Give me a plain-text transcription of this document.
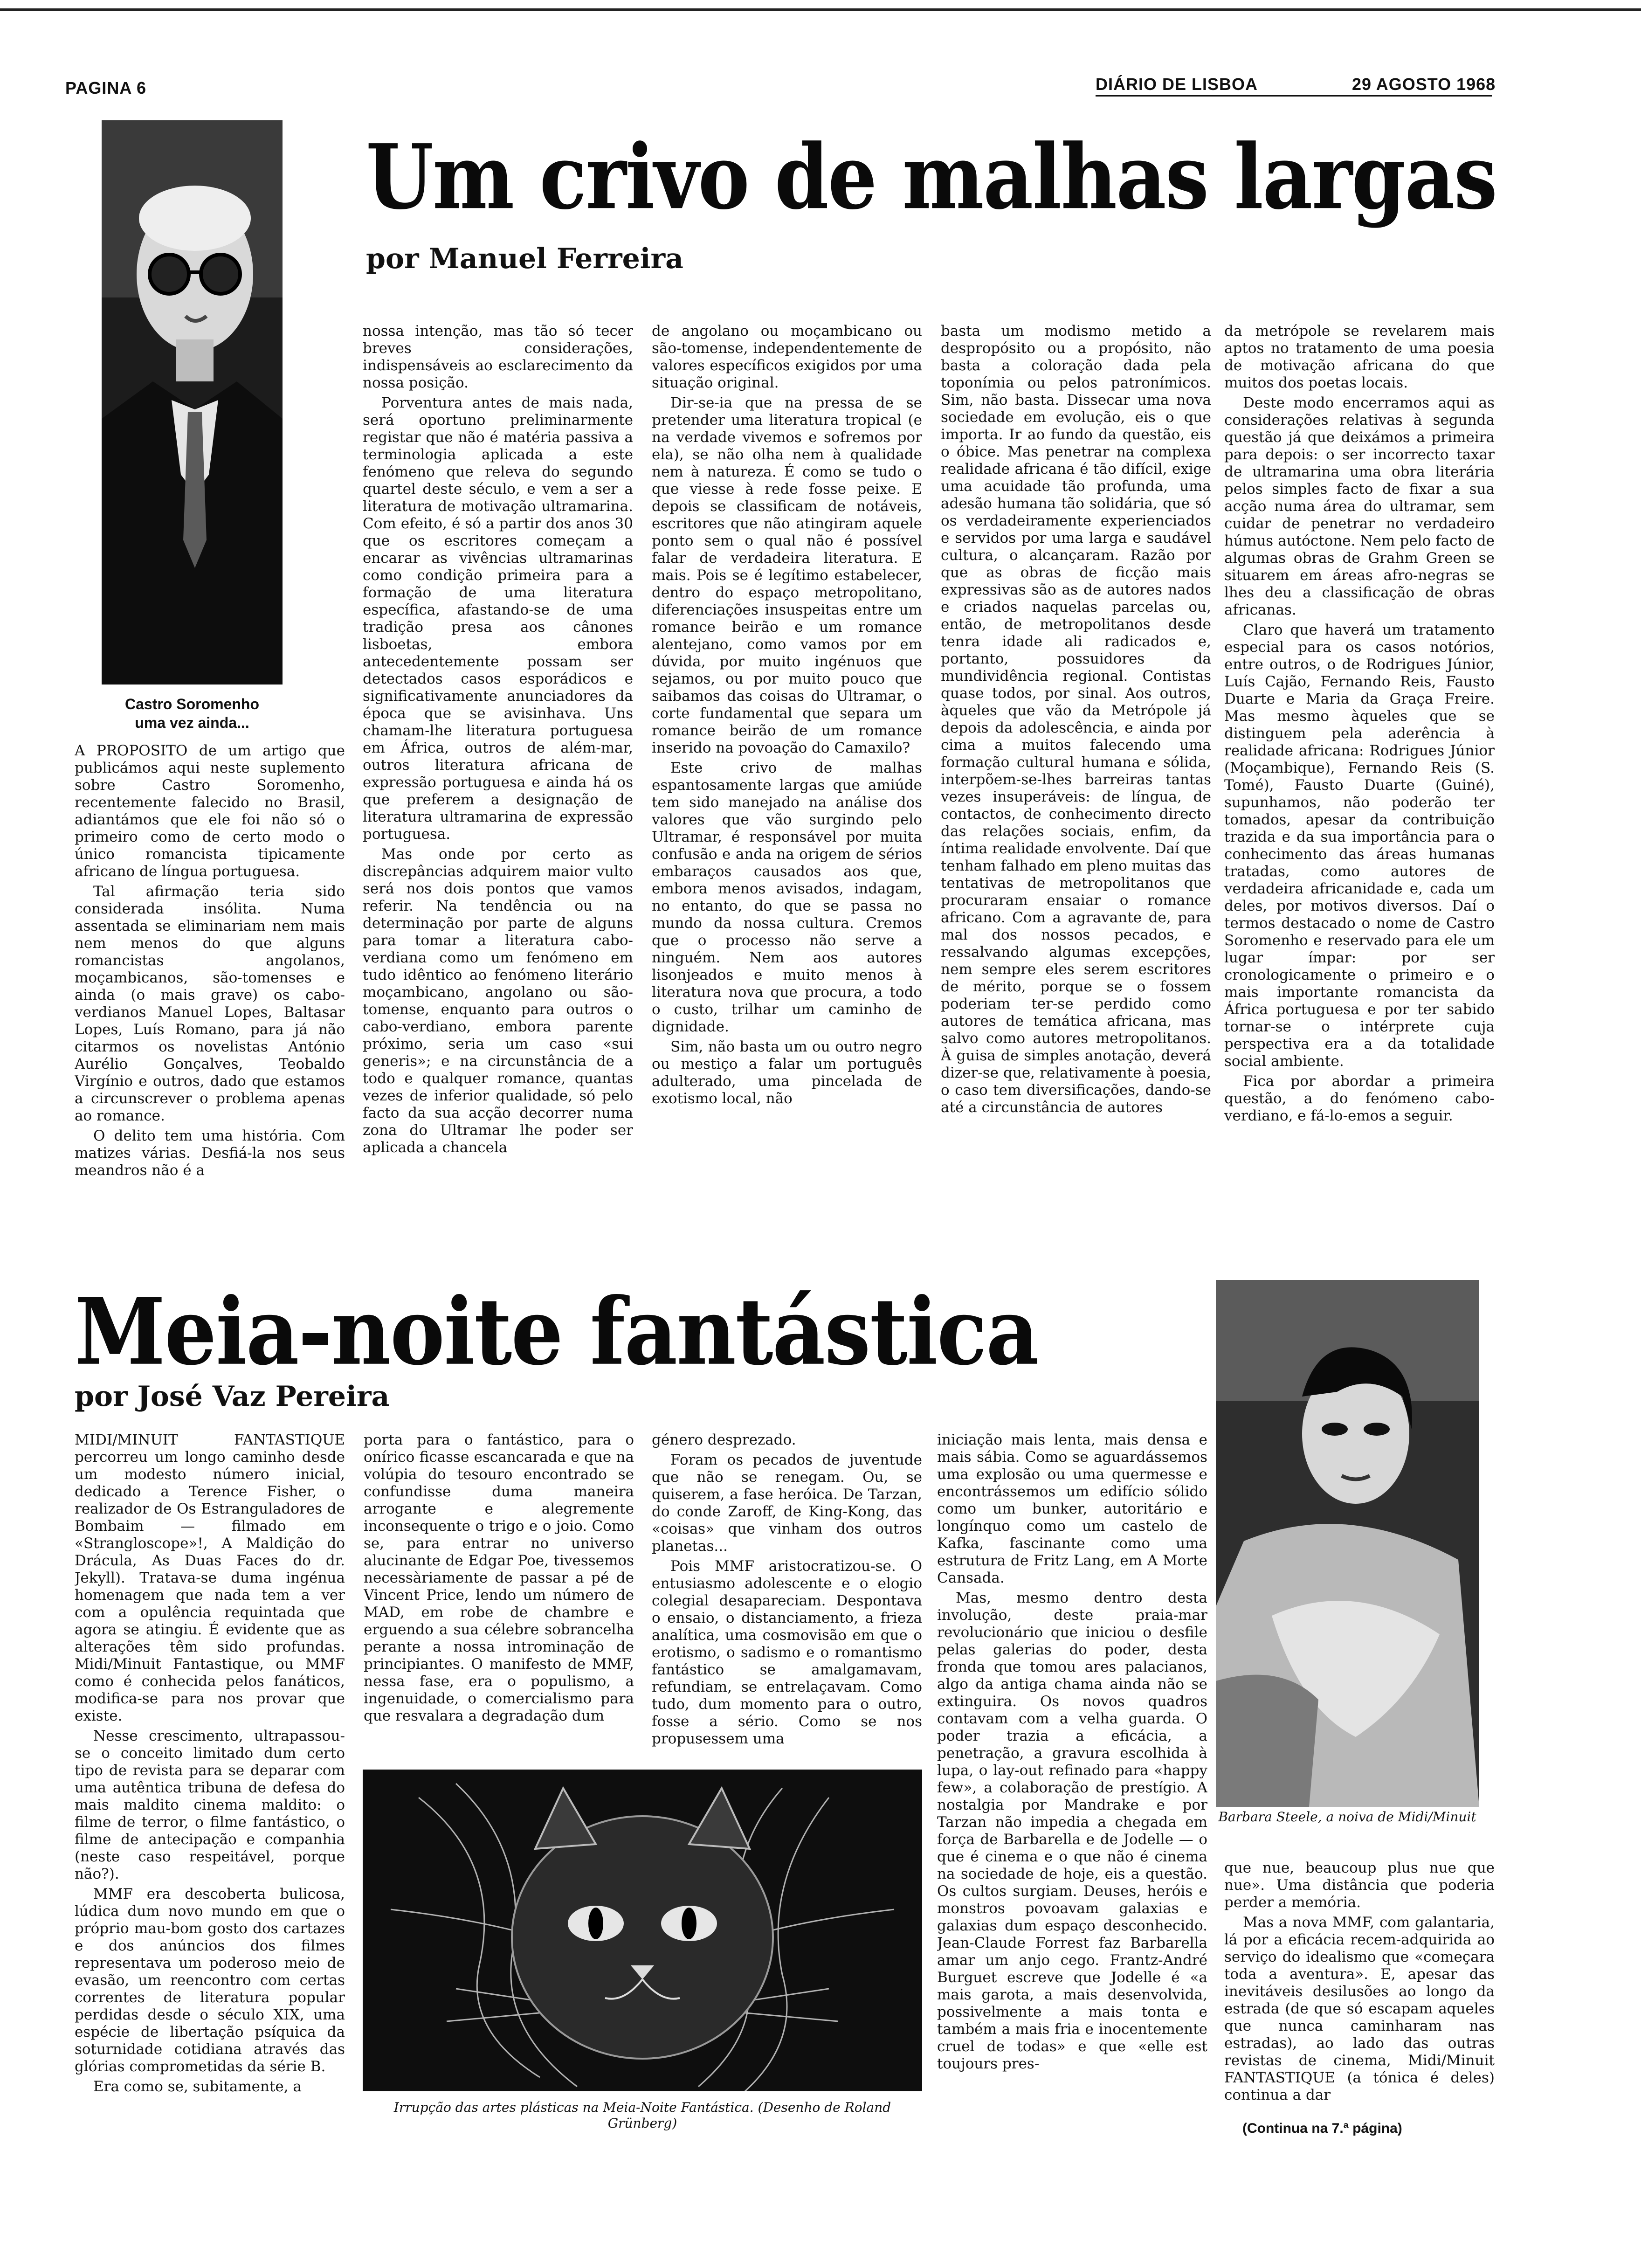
PAGINA 6	DIÁRIO DE LISBOA	29 AGOSTO 1968
Castro Soromenho
uma vez ainda...
Um crivo de malhas largas
por Manuel Ferreira

A PROPOSITO de um artigo que publicámos aqui neste suplemento sobre Castro Soromenho, recentemente falecido no Brasil, adiantámos que ele foi não só o primeiro como de certo modo o único romancista tipicamente africano de língua portuguesa.

Tal afirmação teria sido considerada insólita. Numa assentada se eliminariam nem mais nem menos do que alguns romancistas angolanos, moçambicanos, são-tomenses e ainda (o mais grave) os cabo-verdianos Manuel Lopes, Baltasar Lopes, Luís Romano, para já não citarmos os novelistas António Aurélio Gonçalves, Teobaldo Virgínio e outros, dado que estamos a circunscrever o problema apenas ao romance.

O delito tem uma história. Com matizes várias. Desfiá-la nos seus meandros não é a

nossa intenção, mas tão só tecer breves considerações, indispensáveis ao esclarecimento da nossa posição.

Porventura antes de mais nada, será oportuno preliminarmente registar que não é matéria passiva a terminologia aplicada a este fenómeno que releva do segundo quartel deste século, e vem a ser a literatura de motivação ultramarina. Com efeito, é só a partir dos anos 30 que os escritores começam a encarar as vivências ultramarinas como condição primeira para a formação de uma literatura específica, afastando-se de uma tradição presa aos cânones lisboetas, embora antecedentemente possam ser detectados casos esporádicos e significativamente anunciadores da época que se avisinhava. Uns chamam-lhe literatura portuguesa em África, outros de além-mar, outros literatura africana de expressão portuguesa e ainda há os que preferem a designação de literatura ultramarina de expressão portuguesa.

Mas onde por certo as discrepâncias adquirem maior vulto será nos dois pontos que vamos referir. Na tendência ou na determinação por parte de alguns para tomar a literatura cabo-verdiana como um fenómeno em tudo idêntico ao fenómeno literário moçambicano, angolano ou são-tomense, enquanto para outros o cabo-verdiano, embora parente próximo, seria um caso «sui generis»; e na circunstância de a todo e qualquer romance, quantas vezes de inferior qualidade, só pelo facto da sua acção decorrer numa zona do Ultramar lhe poder ser aplicada a chancela

de angolano ou moçambicano ou são-tomense, independentemente de valores específicos exigidos por uma situação original.

Dir-se-ia que na pressa de se pretender uma literatura tropical (e na verdade vivemos e sofremos por ela), se não olha nem à qualidade nem à natureza. É como se tudo o que viesse à rede fosse peixe. E depois se classificam de notáveis, escritores que não atingiram aquele ponto sem o qual não é possível falar de verdadeira literatura. E mais. Pois se é legítimo estabelecer, dentro do espaço metropolitano, diferenciações insuspeitas entre um romance beirão e um romance alentejano, como vamos por em dúvida, por muito ingénuos que sejamos, ou por muito pouco que saibamos das coisas do Ultramar, o corte fundamental que separa um romance beirão de um romance inserido na povoação do Camaxilo?

Este crivo de malhas espantosamente largas que amiúde tem sido manejado na análise dos valores que vão surgindo pelo Ultramar, é responsável por muita confusão e anda na origem de sérios embaraços causados aos que, embora menos avisados, indagam, no entanto, do que se passa no mundo da nossa cultura. Cremos que o processo não serve a ninguém. Nem aos autores lisonjeados e muito menos à literatura nova que procura, a todo o custo, trilhar um caminho de dignidade.

Sim, não basta um ou outro negro ou mestiço a falar um português adulterado, uma pincelada de exotismo local, não

basta um modismo metido a despropósito ou a propósito, não basta a coloração dada pela toponímia ou pelos patronímicos. Sim, não basta. Dissecar uma nova sociedade em evolução, eis o que importa. Ir ao fundo da questão, eis o óbice. Mas penetrar na complexa realidade africana é tão difícil, exige uma acuidade tão profunda, uma adesão humana tão solidária, que só os verdadeiramente experienciados e servidos por uma larga e saudável cultura, o alcançaram. Razão por que as obras de ficção mais expressivas são as de autores nados e criados naquelas parcelas ou, então, de metropolitanos desde tenra idade ali radicados e, portanto, possuidores da mundividência regional. Contistas quase todos, por sinal. Aos outros, àqueles que vão da Metrópole já depois da adolescência, e ainda por cima a muitos falecendo uma formação cultural humana e sólida, interpõem-se-lhes barreiras tantas vezes insuperáveis: de língua, de contactos, de conhecimento directo das relações sociais, enfim, da íntima realidade envolvente. Daí que tenham falhado em pleno muitas das tentativas de metropolitanos que procuraram ensaiar o romance africano. Com a agravante de, para mal dos nossos pecados, e ressalvando algumas excepções, nem sempre eles serem escritores de mérito, porque se o fossem poderiam ter-se perdido como autores de temática africana, mas salvo como autores metropolitanos. À guisa de simples anotação, deverá dizer-se que, relativamente à poesia, o caso tem diversificações, dando-se até a circunstância de autores

da metrópole se revelarem mais aptos no tratamento de uma poesia de motivação africana do que muitos dos poetas locais.

Deste modo encerramos aqui as considerações relativas à segunda questão já que deixámos a primeira para depois: o ser incorrecto taxar de ultramarina uma obra literária pelos simples facto de fixar a sua acção numa área do ultramar, sem cuidar de penetrar no verdadeiro húmus autóctone. Nem pelo facto de algumas obras de Grahm Green se situarem em áreas afro-negras se lhes deu a classificação de obras africanas.

Claro que haverá um tratamento especial para os casos notórios, entre outros, o de Rodrigues Júnior, Luís Cajão, Fernando Reis, Fausto Duarte e Maria da Graça Freire. Mas mesmo àqueles que se distinguem pela aderência à realidade africana: Rodrigues Júnior (Moçambique), Fernando Reis (S. Tomé), Fausto Duarte (Guiné), supunhamos, não poderão ter tomados, apesar da contribuição trazida e da sua importância para o conhecimento das áreas humanas tratadas, como autores de verdadeira africanidade e, cada um deles, por motivos diversos. Daí o termos destacado o nome de Castro Soromenho e reservado para ele um lugar ímpar: por ser cronologicamente o primeiro e o mais importante romancista da África portuguesa e por ter sabido tornar-se o intérprete cuja perspectiva era a da totalidade social ambiente.

Fica por abordar a primeira questão, a do fenómeno cabo-verdiano, e fá-lo-emos a seguir.

Meia-noite fantástica
por José Vaz Pereira

MIDI/MINUIT FANTASTIQUE percorreu um longo caminho desde um modesto número inicial, dedicado a Terence Fisher, o realizador de Os Estranguladores de Bombaim — filmado em «Strangloscope»!, A Maldição do Drácula, As Duas Faces do dr. Jekyll). Tratava-se duma ingénua homenagem que nada tem a ver com a opulência requintada que agora se atingiu. É evidente que as alterações têm sido profundas. Midi/Minuit Fantastique, ou MMF como é conhecida pelos fanáticos, modifica-se para nos provar que existe.

Nesse crescimento, ultrapassou-se o conceito limitado dum certo tipo de revista para se deparar com uma autêntica tribuna de defesa do mais maldito cinema maldito: o filme de terror, o filme fantástico, o filme de antecipação e companhia (neste caso respeitável, porque não?).

MMF era descoberta bulicosa, lúdica dum novo mundo em que o próprio mau-bom gosto dos cartazes e dos anúncios dos filmes representava um poderoso meio de evasão, um reencontro com certas correntes de literatura popular perdidas desde o século XIX, uma espécie de libertação psíquica da soturnidade cotidiana através das glórias comprometidas da série B.

Era como se, subitamente, a

porta para o fantástico, para o onírico ficasse escancarada e que na volúpia do tesouro encontrado se confundisse duma maneira arrogante e alegremente inconsequente o trigo e o joio. Como se, para entrar no universo alucinante de Edgar Poe, tivessemos necessàriamente de passar a pé de Vincent Price, lendo um número de MAD, em robe de chambre e erguendo a sua célebre sobrancelha perante a nossa introminação de principiantes. O manifesto de MMF, nessa fase, era o populismo, a ingenuidade, o comercialismo para que resvalara a degradação dum

género desprezado.

Foram os pecados de juventude que não se renegam. Ou, se quiserem, a fase heróica. De Tarzan, do conde Zaroff, de King-Kong, das «coisas» que vinham dos outros planetas...

Pois MMF aristocratizou-se. O entusiasmo adolescente e o elogio colegial desapareciam. Despontava o ensaio, o distanciamento, a frieza analítica, uma cosmovisão em que o erotismo, o sadismo e o romantismo fantástico se amalgamavam, refundiam, se entrelaçavam. Como tudo, dum momento para o outro, fosse a sério. Como se nos propusessem uma

Irrupção das artes plásticas na Meia-Noite Fantástica. (Desenho de Roland Grünberg)

iniciação mais lenta, mais densa e mais sábia. Como se aguardássemos uma explosão ou uma quermesse e encontrássemos um edifício sólido como um bunker, autoritário e longínquo como um castelo de Kafka, fascinante como uma estrutura de Fritz Lang, em A Morte Cansada.

Mas, mesmo dentro desta involução, deste praia-mar revolucionário que iniciou o desfile pelas galerias do poder, desta fronda que tomou ares palacianos, algo da antiga chama ainda não se extinguira. Os novos quadros contavam com a velha guarda. O poder trazia a eficácia, a penetração, a gravura escolhida à lupa, o lay-out refinado para «happy few», a colaboração de prestígio. A nostalgia por Mandrake e por Tarzan não impedia a chegada em força de Barbarella e de Jodelle — o que é cinema e o que não é cinema na sociedade de hoje, eis a questão. Os cultos surgiam. Deuses, heróis e monstros povoavam galaxias e galaxias dum espaço desconhecido. Jean-Claude Forrest faz Barbarella amar um anjo cego. Frantz-André Burguet escreve que Jodelle é «a mais garota, a mais desenvolvida, possivelmente a mais tonta e também a mais fria e inocentemente cruel de todas» e que «elle est toujours pres-

Barbara Steele, a noiva de Midi/Minuit

que nue, beaucoup plus nue que nue». Uma distância que poderia perder a memória.

Mas a nova MMF, com galantaria, lá por a eficácia recem-adquirida ao serviço do idealismo que «começara toda a aventura». E, apesar das inevitáveis desilusões ao longo da estrada (de que só escapam aqueles que nunca caminharam nas estradas), ao lado das outras revistas de cinema, Midi/Minuit FANTASTIQUE (a tónica é deles) continua a dar

(Continua na 7.ª página)
